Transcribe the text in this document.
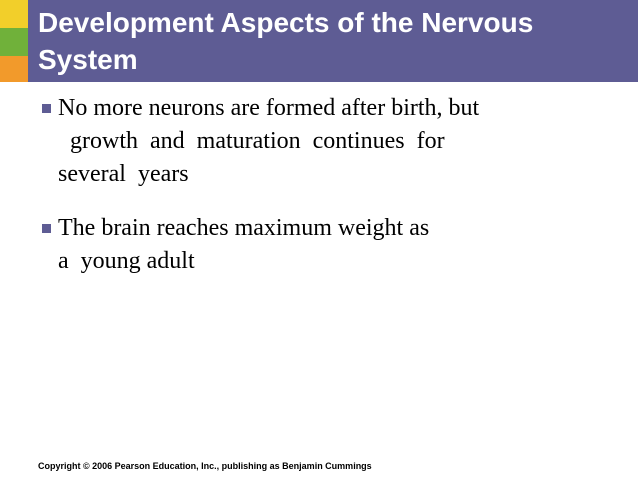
Development Aspects of the Nervous System
No more neurons are formed after birth, but
growth  and  maturation  continues  for
several  years
The brain reaches maximum weight as
a  young adult
Copyright © 2006 Pearson Education, Inc., publishing as Benjamin Cummings
